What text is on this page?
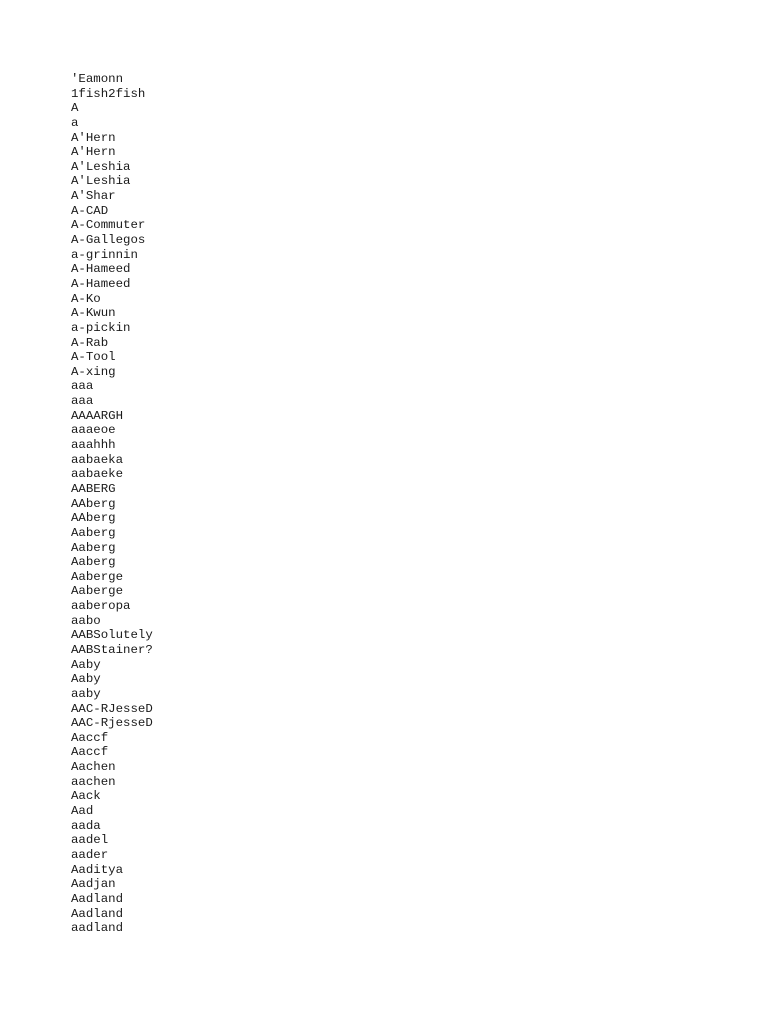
'Eamonn
1fish2fish
A
a
A'Hern
A'Hern
A'Leshia
A'Leshia
A'Shar
A-CAD
A-Commuter
A-Gallegos
a-grinnin
A-Hameed
A-Hameed
A-Ko
A-Kwun
a-pickin
A-Rab
A-Tool
A-xing
aaa
aaa
AAAARGH
aaaeoe
aaahhh
aabaeka
aabaeke
AABERG
AAberg
AAberg
Aaberg
Aaberg
Aaberg
Aaberge
Aaberge
aaberopa
aabo
AABSolutely
AABStainer?
Aaby
Aaby
aaby
AAC-RJesseD
AAC-RjesseD
Aaccf
Aaccf
Aachen
aachen
Aack
Aad
aada
aadel
aader
Aaditya
Aadjan
Aadland
Aadland
aadland
